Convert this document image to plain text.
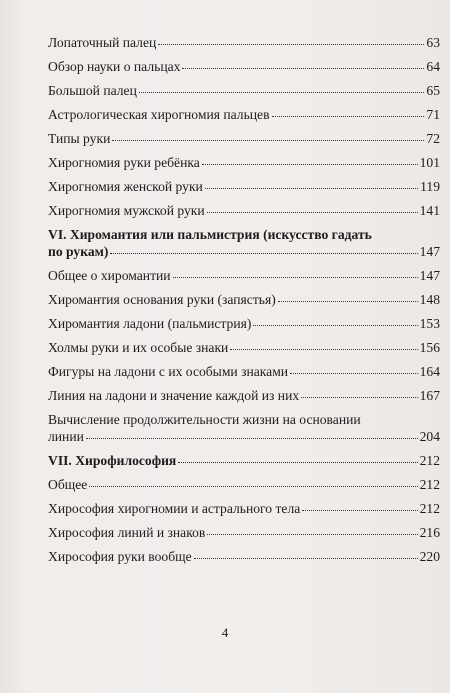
Лопаточный палец	63
Обзор науки о пальцах	64
Большой палец	65
Астрологическая хирогномия пальцев	71
Типы руки	72
Хирогномия руки ребёнка	101
Хирогномия женской руки	119
Хирогномия мужской руки	141
VI. Хиромантия или пальмистрия (искусство гадать
по рукам)	147
Общее о хиромантии	147
Хиромантия основания руки (запястья)	148
Хиромантия ладони (пальмистрия)	153
Холмы руки и их особые знаки	156
Фигуры на ладони с их особыми знаками	164
Линия на ладони и значение каждой из них	167
Вычисление продолжительности жизни на основании
линии	204
VII. Хирофилософия	212
Общее	212
Хирософия хирогномии и астрального тела	212
Хирософия линий и знаков	216
Хирософия руки вообще	220
4
